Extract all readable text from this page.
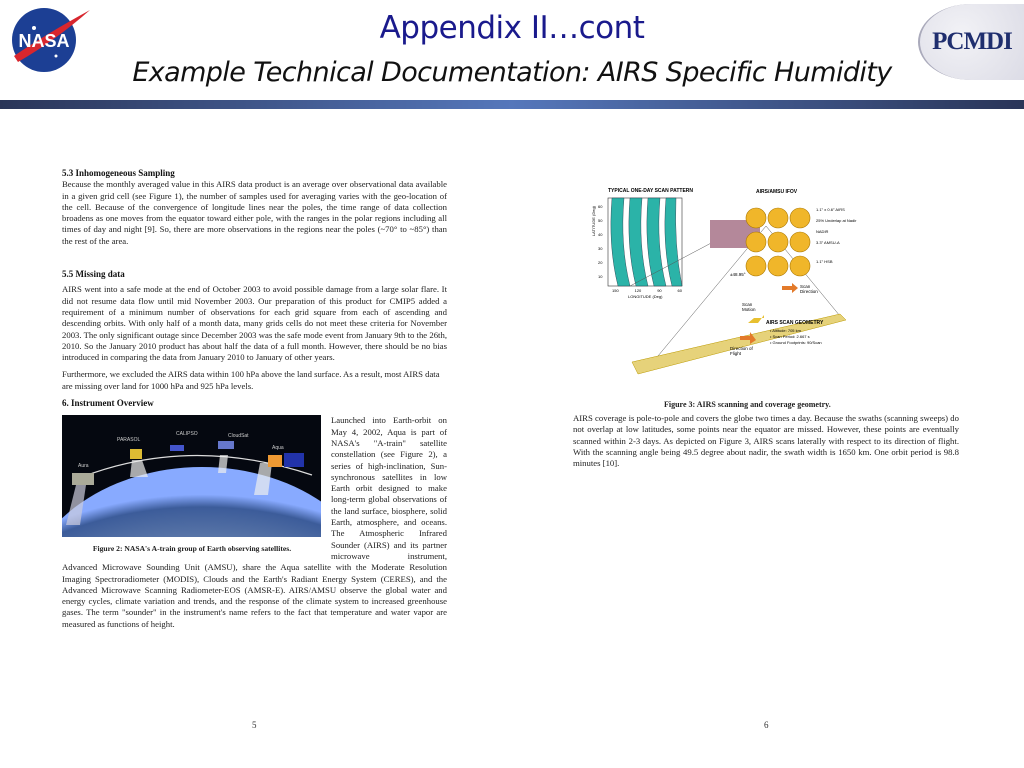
NASA	Appendix II…cont
Example Technical Documentation: AIRS Specific Humidity
PCMDI
5.3 Inhomogeneous Sampling
Because the monthly averaged value in this AIRS data product is an average over observational data available in a given grid cell (see Figure 1), the number of samples used for averaging varies with the geo-location of the cell. Because of the convergence of longitude lines near the poles, the time range of data collection broadens as one moves from the equator toward either pole, with the ranges in the polar regions including all times of day and night [9]. So, there are more observations in the regions near the poles (~70° to ~85°) than the rest of the area.
5.5 Missing data
AIRS went into a safe mode at the end of October 2003 to avoid possible damage from a large solar flare. It did not resume data flow until mid November 2003. Our preparation of this product for CMIP5 added a requirement of a minimum number of observations for each grid square from each of ascending and descending orbits. With only half of a month data, many grids cells do not meet these criteria for November 2003. The only significant outage since December 2003 was the safe mode event from January 9th to the 26th, 2010. So the January 2010 product has about half the data of a full month. However, there should be no bias introduced in comparing the data from January 2010 to January of other years.
Furthermore, we excluded the AIRS data within 100 hPa above the land surface. As a result, most AIRS data are missing over land for 1000 hPa and 925 hPa levels.
6. Instrument Overview
Aura
PARASOL
CALIPSO	CloudSat
Aqua
Figure 2: NASA's A-train group of Earth observing satellites.
Launched into Earth-orbit on May 4, 2002, Aqua is part of NASA's "A-train" satellite constellation (see Figure 2), a series of high-inclination, Sun-synchronous satellites in low Earth orbit designed to make long-term global observations of the land surface, biosphere, solid Earth, atmosphere, and oceans. The Atmospheric Infrared Sounder (AIRS) and its partner microwave instrument, Advanced Microwave Sounding Unit (AMSU), share the Aqua satellite with the Moderate Resolution Imaging Spectroradiometer (MODIS), Clouds and the Earth's Radiant Energy System (CERES), and the Advanced Microwave Scanning Radiometer-EOS (AMSR-E). AIRS/AMSU observe the global water and energy cycles, climate variation and trends, and the response of the climate system to increased greenhouse gases. The term "sounder" in the instrument's name refers to the fact that temperature and water vapor are measured as functions of height.
5
TYPICAL ONE-DAY SCAN PATTERN
LATITUDE (Deg) 60
50
40
30
20
10
150	120	90	60
LONGITUDE (Deg)
AIRS/AMSU IFOV
1.1° x 0.6° AIRS
25% Underlap at Nadir
NADIR
3.3° AMSU-A
1.1° HSB
±48.95°
Scan Direction
Scan Motion
Direction of Flight
AIRS SCAN GEOMETRY
• Altitude: 705 km
• Scan Period: 2.667 s
• Ground Footprints: 90/Scan
Figure 3: AIRS scanning and coverage geometry.
AIRS coverage is pole-to-pole and covers the globe two times a day. Because the swaths (scanning sweeps) do not overlap at low latitudes, some points near the equator are missed. However, these points are eventually scanned within 2-3 days. As depicted on Figure 3, AIRS scans laterally with respect to its direction of flight. With the scanning angle being 49.5 degree about nadir, the swath width is 1650 km. One orbit period is 98.8 minutes [10].
6
